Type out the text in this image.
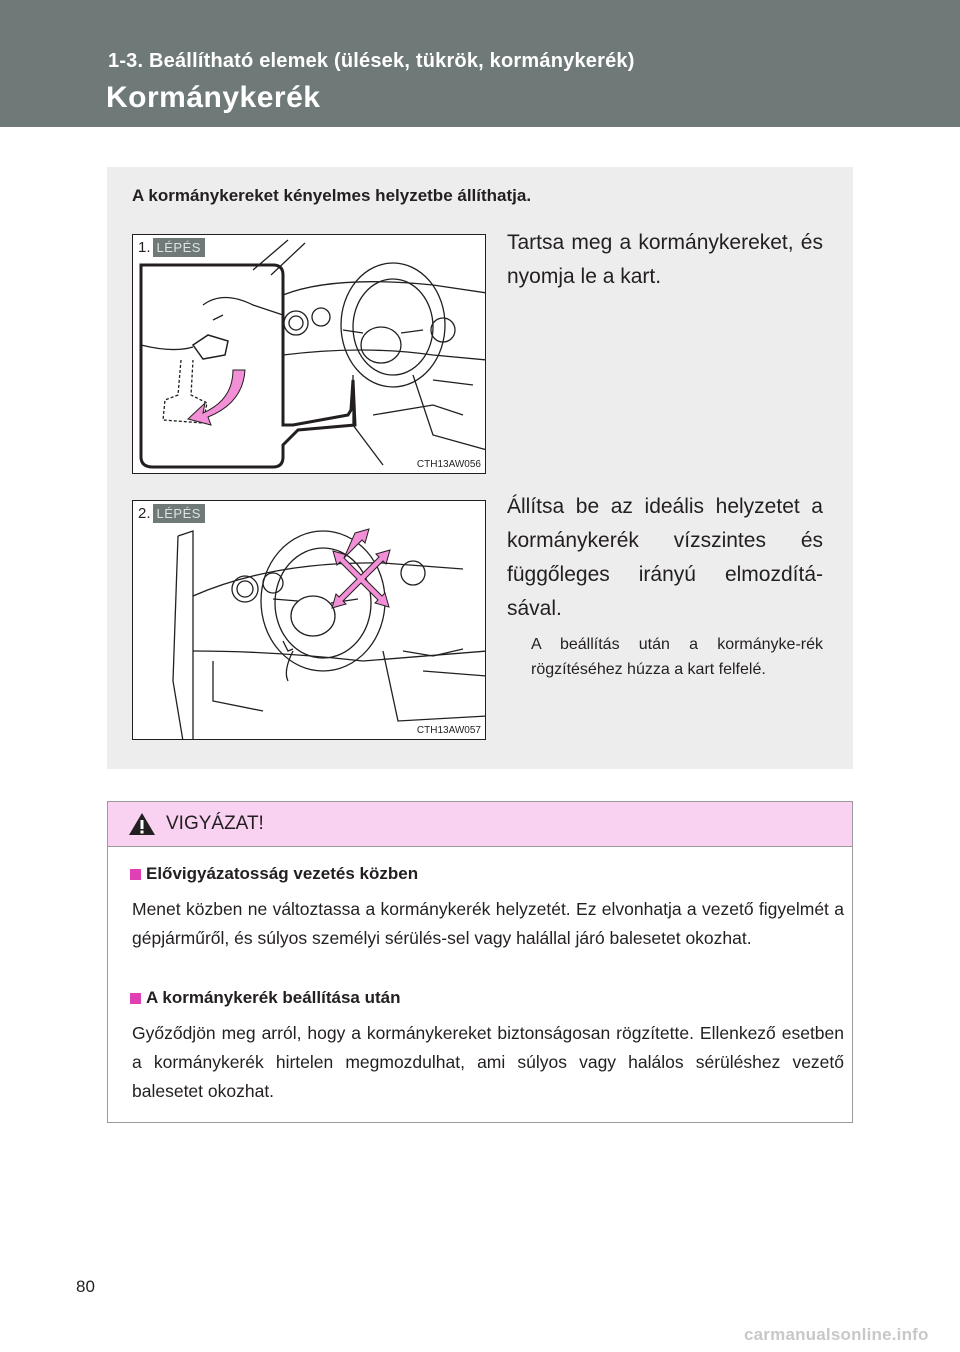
1-3. Beállítható elemek (ülések, tükrök, kormánykerék)
Kormánykerék
A kormánykereket kényelmes helyzetbe állíthatja.
1. LÉPÉS
CTH13AW056
Tartsa meg a kormánykereket, és nyomja le a kart.
2. LÉPÉS
CTH13AW057
Állítsa be az ideális helyzetet a kormánykerék vízszintes és függőleges irányú elmozdítá-sával.
A beállítás után a kormányke-rék rögzítéséhez húzza a kart felfelé.
VIGYÁZAT!
Elővigyázatosság vezetés közben
Menet közben ne változtassa a kormánykerék helyzetét. Ez elvonhatja a vezető figyelmét a gépjárműről, és súlyos személyi sérülés-sel vagy halállal járó balesetet okozhat.
A kormánykerék beállítása után
Győződjön meg arról, hogy a kormánykereket biztonságosan rögzítette. Ellenkező esetben a kormánykerék hirtelen megmozdulhat, ami súlyos vagy halálos sérüléshez vezető balesetet okozhat.
80
carmanualsonline.info
